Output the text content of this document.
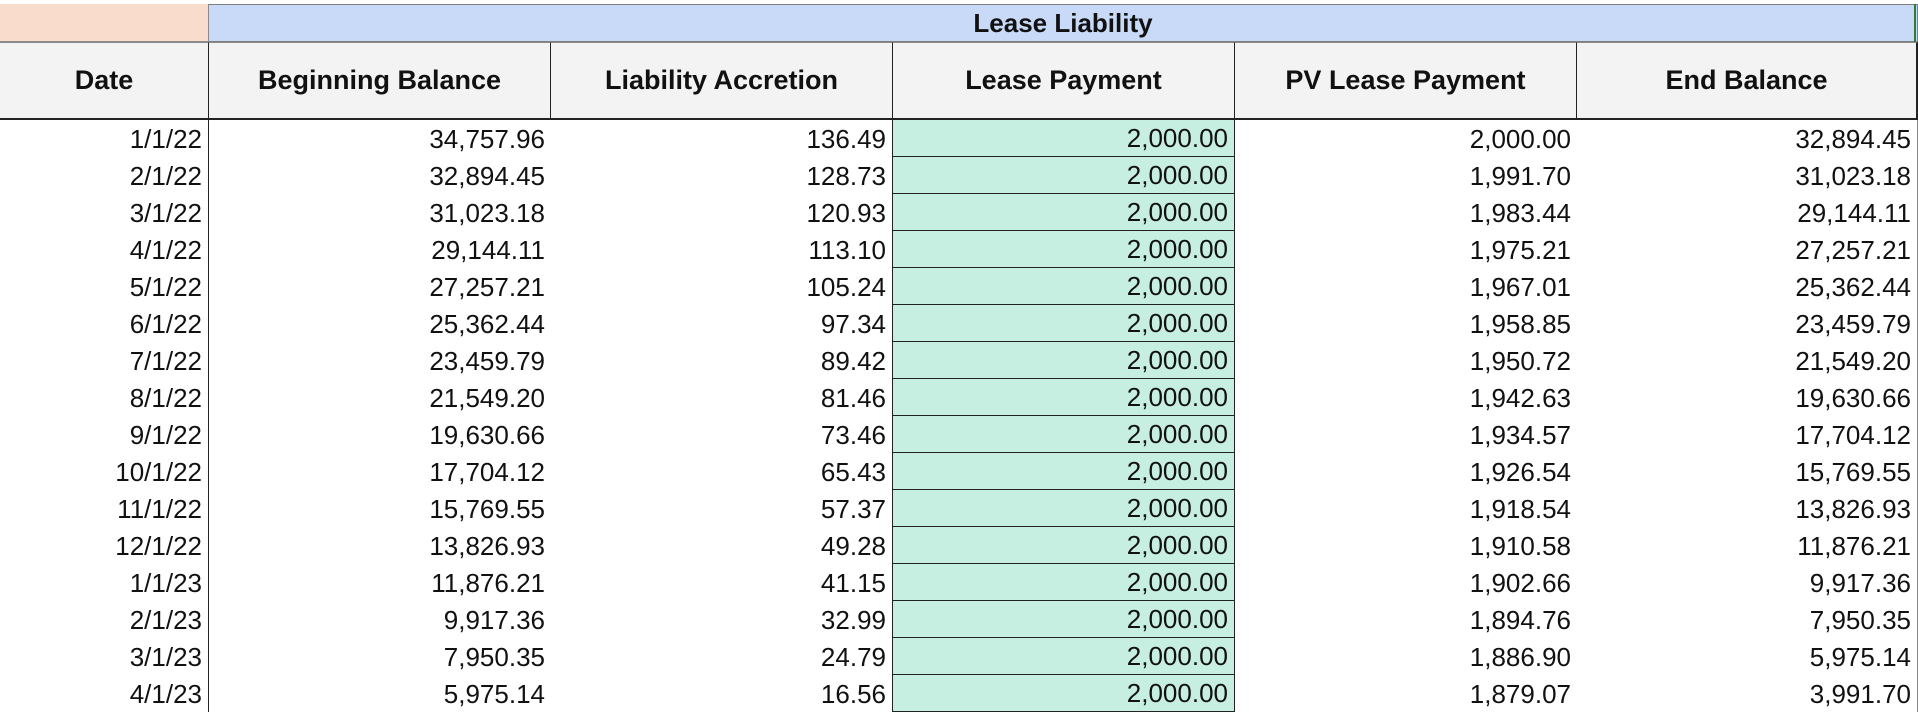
Lease Liability
Date	Beginning Balance	Liability Accretion	Lease Payment	PV Lease Payment	End Balance
1/1/22	34,757.96	136.49	2,000.00	2,000.00	32,894.45
2/1/22	32,894.45	128.73	2,000.00	1,991.70	31,023.18
3/1/22	31,023.18	120.93	2,000.00	1,983.44	29,144.11
4/1/22	29,144.11	113.10	2,000.00	1,975.21	27,257.21
5/1/22	27,257.21	105.24	2,000.00	1,967.01	25,362.44
6/1/22	25,362.44	97.34	2,000.00	1,958.85	23,459.79
7/1/22	23,459.79	89.42	2,000.00	1,950.72	21,549.20
8/1/22	21,549.20	81.46	2,000.00	1,942.63	19,630.66
9/1/22	19,630.66	73.46	2,000.00	1,934.57	17,704.12
10/1/22	17,704.12	65.43	2,000.00	1,926.54	15,769.55
11/1/22	15,769.55	57.37	2,000.00	1,918.54	13,826.93
12/1/22	13,826.93	49.28	2,000.00	1,910.58	11,876.21
1/1/23	11,876.21	41.15	2,000.00	1,902.66	9,917.36
2/1/23	9,917.36	32.99	2,000.00	1,894.76	7,950.35
3/1/23	7,950.35	24.79	2,000.00	1,886.90	5,975.14
4/1/23	5,975.14	16.56	2,000.00	1,879.07	3,991.70
